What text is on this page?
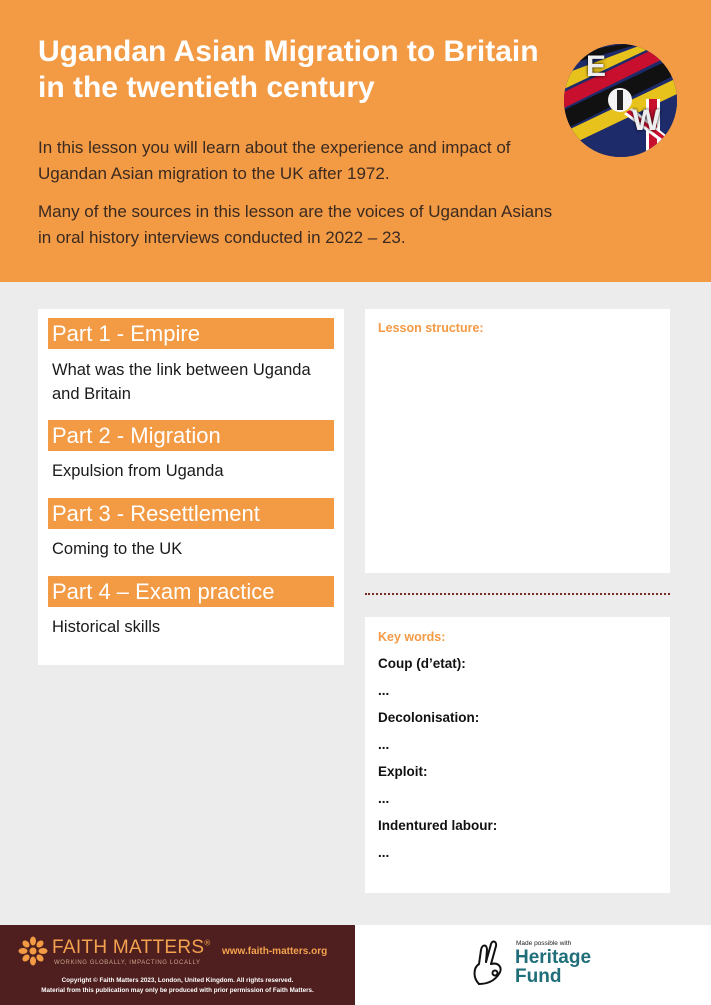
Ugandan Asian Migration to Britain in the twentieth century
In this lesson you will learn about the experience and impact of Ugandan Asian migration to the UK after 1972.
Many of the sources in this lesson are the voices of Ugandan Asians in oral history interviews conducted in 2022 – 23.
E
W
Part 1 - Empire
What was the link between Uganda and Britain
Part 2 - Migration
Expulsion from Uganda
Part 3 - Resettlement
Coming to the UK
Part 4 – Exam practice
Historical skills
Lesson structure:
Key words:
Coup (d’etat):
...
Decolonisation:
...
Exploit:
...
Indentured labour:
...
FAITH MATTERS®
WORKING GLOBALLY, IMPACTING LOCALLY
www.faith-matters.org
Copyright © Faith Matters 2023, London, United Kingdom. All rights reserved.
Material from this publication may only be produced with prior permission of Faith Matters.
Made possible with
Heritage
Fund
